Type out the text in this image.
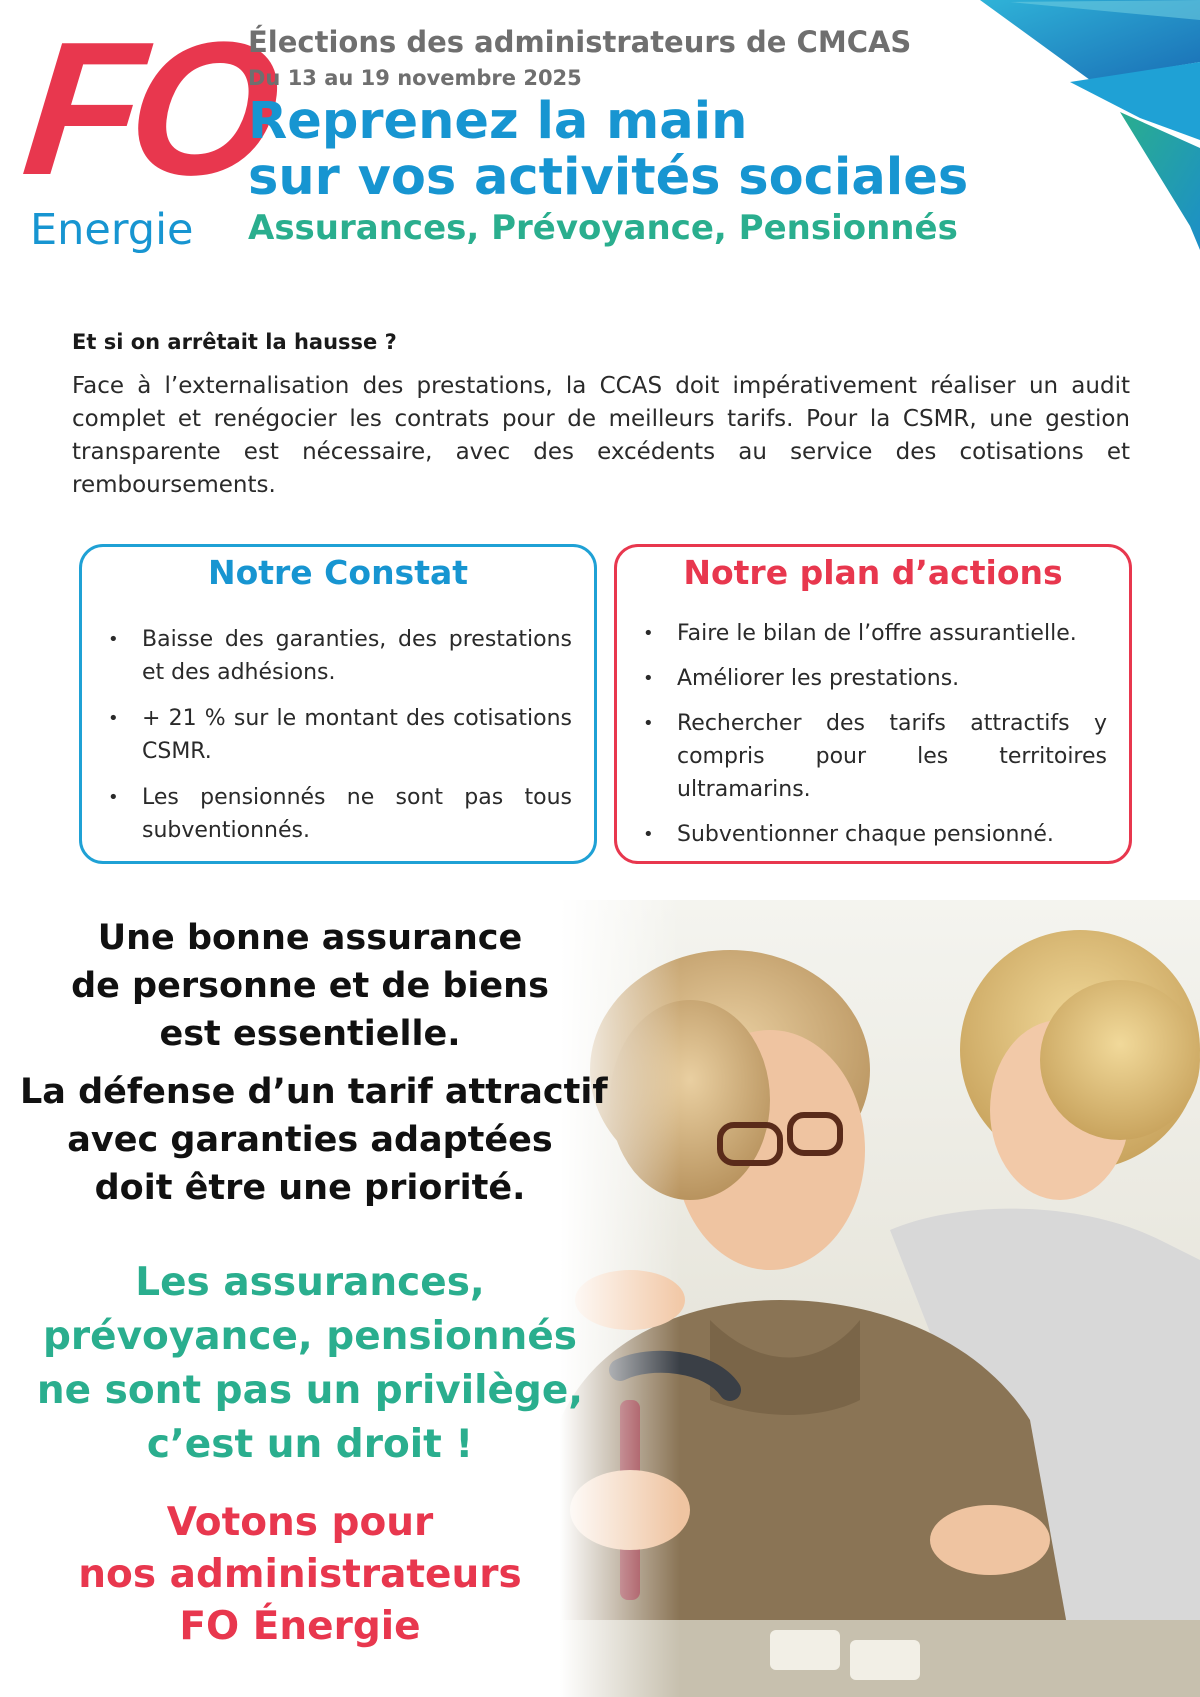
FO
Energie
Élections des administrateurs de CMCAS
Du 13 au 19 novembre 2025
Reprenez la main
sur vos activités sociales
Assurances, Prévoyance, Pensionnés
Et si on arrêtait la hausse ?
Face à l’externalisation des prestations, la CCAS doit impérativement réaliser un audit complet et renégocier les contrats pour de meilleurs tarifs. Pour la CSMR, une gestion transparente est nécessaire, avec des excédents au service des cotisations et remboursements.
Notre Constat
• Baisse des garanties, des prestations et des adhésions.
• + 21 % sur le montant des cotisations CSMR.
• Les pensionnés ne sont pas tous subventionnés.
Notre plan d’actions
• Faire le bilan de l’offre assurantielle.
• Améliorer les prestations.
• Rechercher des tarifs attractifs y compris pour les territoires ultramarins.
• Subventionner chaque pensionné.
Une bonne assurance
de personne et de biens
est essentielle.
La défense d’un tarif attractif
avec garanties adaptées
doit être une priorité.
Les assurances,
prévoyance, pensionnés
ne sont pas un privilège,
c’est un droit !
Votons pour
nos administrateurs
FO Énergie
